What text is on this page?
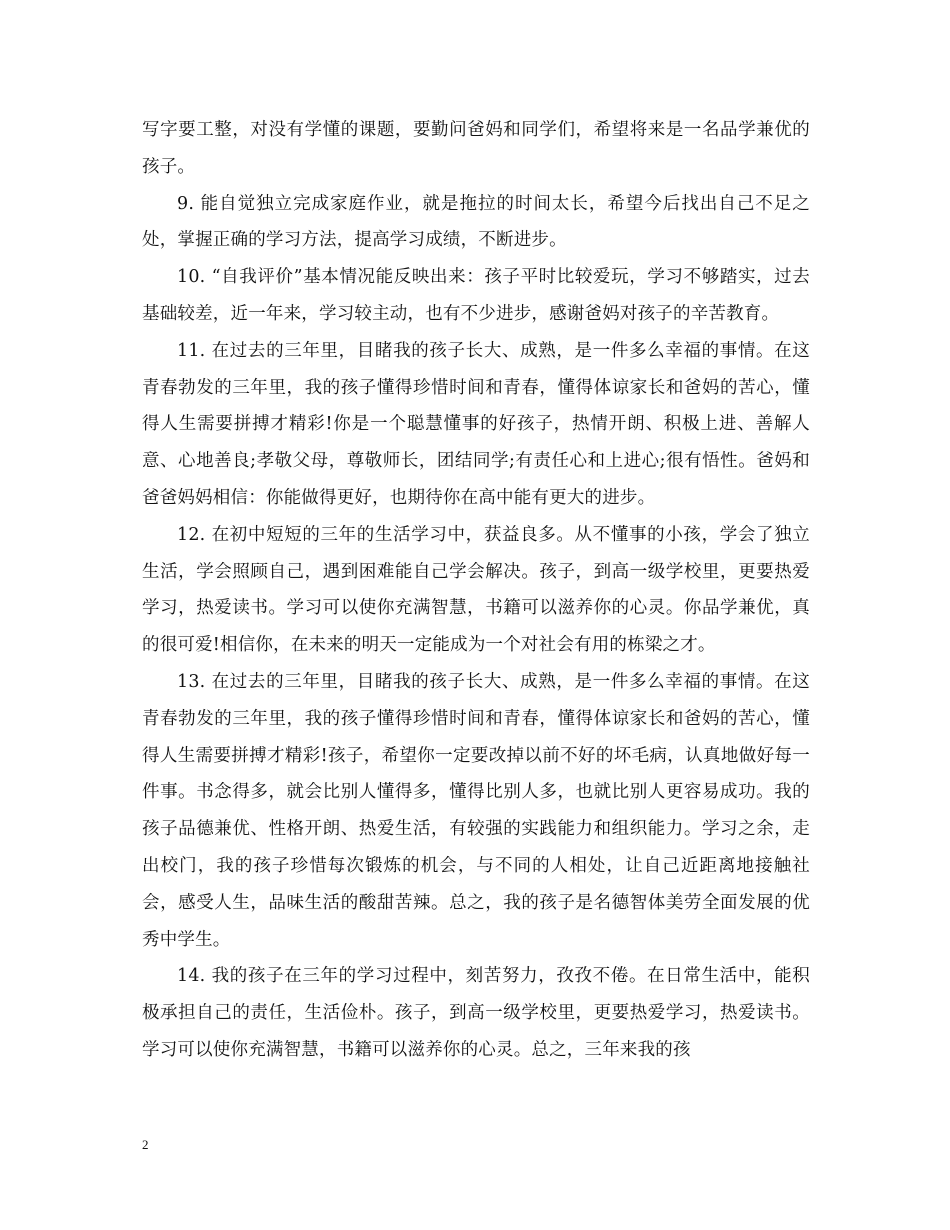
写字要工整，对没有学懂的课题，要勤问爸妈和同学们，希望将来是一名品学兼优的孩子。

9. 能自觉独立完成家庭作业，就是拖拉的时间太长，希望今后找出自己不足之处，掌握正确的学习方法，提高学习成绩，不断进步。

10. “自我评价”基本情况能反映出来：孩子平时比较爱玩，学习不够踏实，过去基础较差，近一年来，学习较主动，也有不少进步，感谢爸妈对孩子的辛苦教育。

11. 在过去的三年里，目睹我的孩子长大、成熟，是一件多么幸福的事情。在这青春勃发的三年里，我的孩子懂得珍惜时间和青春，懂得体谅家长和爸妈的苦心，懂得人生需要拼搏才精彩!你是一个聪慧懂事的好孩子，热情开朗、积极上进、善解人意、心地善良;孝敬父母，尊敬师长，团结同学;有责任心和上进心;很有悟性。爸妈和爸爸妈妈相信：你能做得更好，也期待你在高中能有更大的进步。

12. 在初中短短的三年的生活学习中，获益良多。从不懂事的小孩，学会了独立生活，学会照顾自己，遇到困难能自己学会解决。孩子，到高一级学校里，更要热爱学习，热爱读书。学习可以使你充满智慧，书籍可以滋养你的心灵。你品学兼优，真的很可爱!相信你，在未来的明天一定能成为一个对社会有用的栋梁之才。

13. 在过去的三年里，目睹我的孩子长大、成熟，是一件多么幸福的事情。在这青春勃发的三年里，我的孩子懂得珍惜时间和青春，懂得体谅家长和爸妈的苦心，懂得人生需要拼搏才精彩!孩子，希望你一定要改掉以前不好的坏毛病，认真地做好每一件事。书念得多，就会比别人懂得多，懂得比别人多，也就比别人更容易成功。我的孩子品德兼优、性格开朗、热爱生活，有较强的实践能力和组织能力。学习之余，走出校门，我的孩子珍惜每次锻炼的机会，与不同的人相处，让自己近距离地接触社会，感受人生，品味生活的酸甜苦辣。总之，我的孩子是名德智体美劳全面发展的优秀中学生。

14. 我的孩子在三年的学习过程中，刻苦努力，孜孜不倦。在日常生活中，能积极承担自己的责任，生活俭朴。孩子，到高一级学校里，更要热爱学习，热爱读书。学习可以使你充满智慧，书籍可以滋养你的心灵。总之，三年来我的孩

2
